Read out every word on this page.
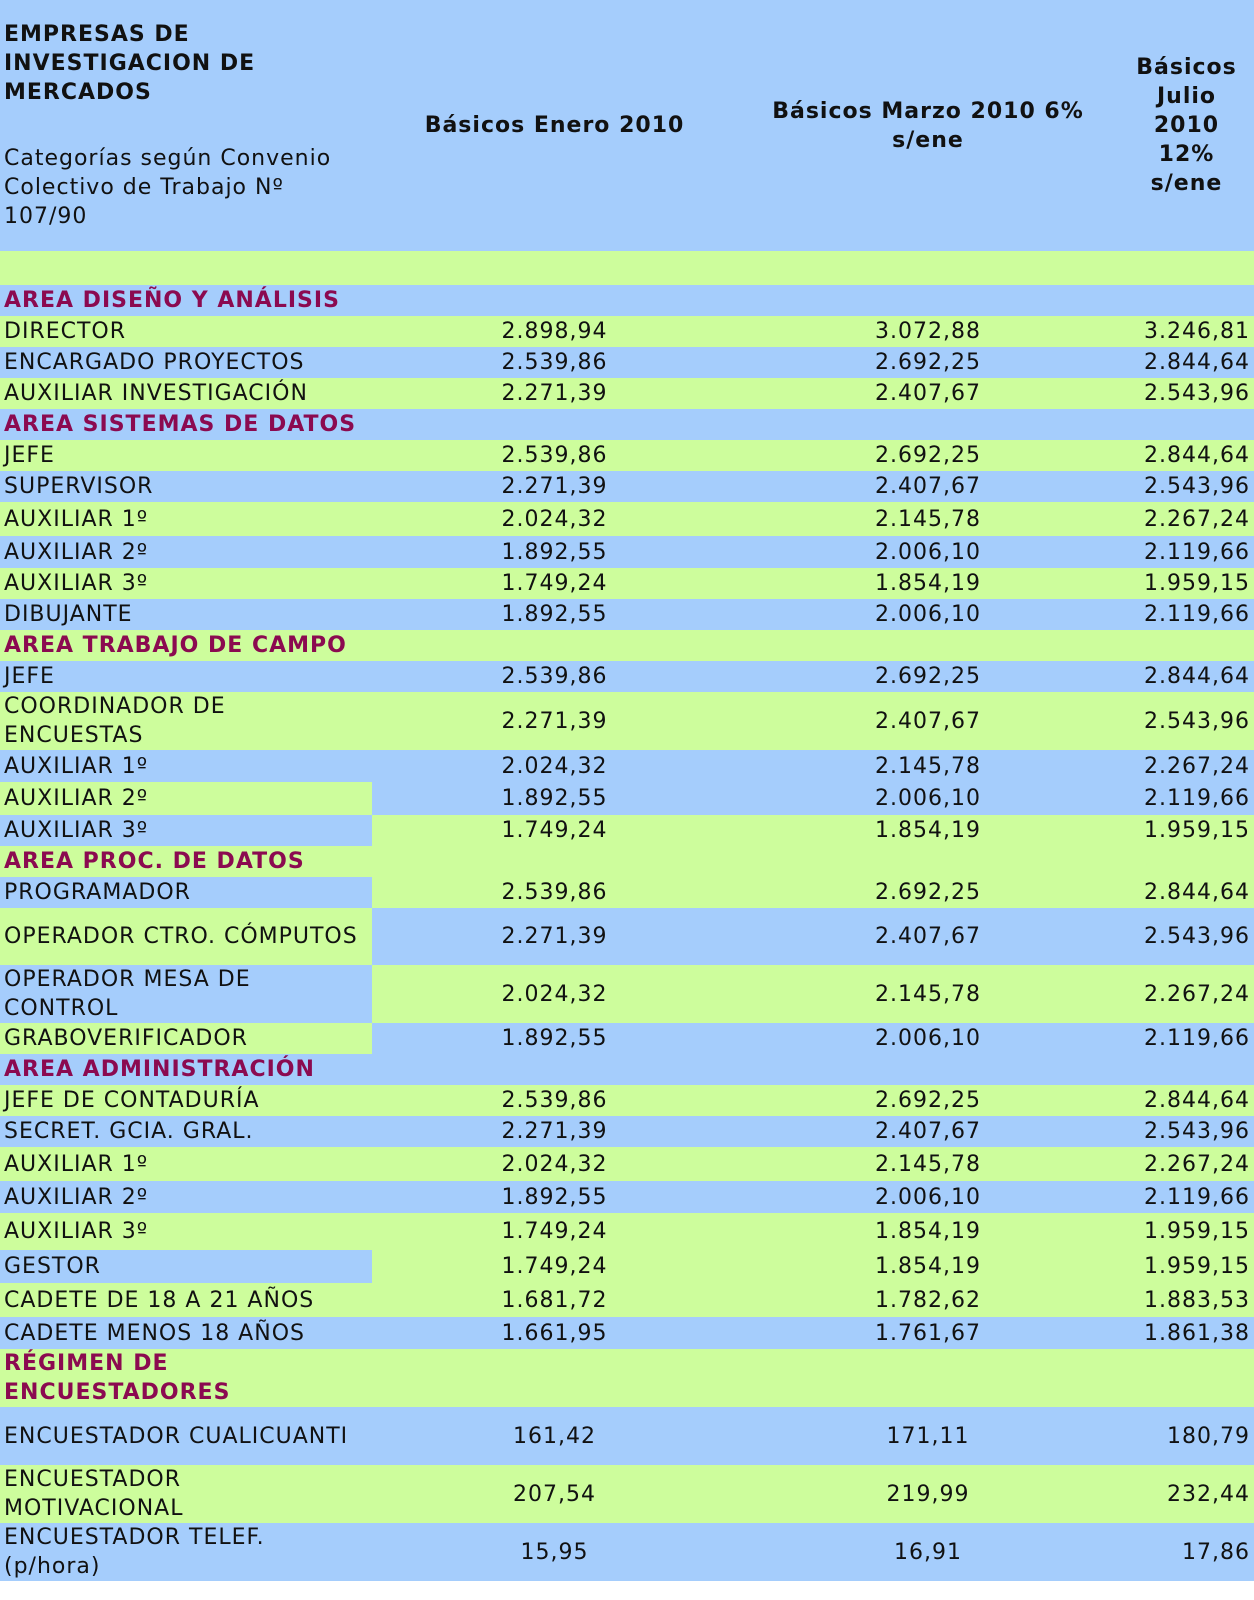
EMPRESAS DE INVESTIGACION DE MERCADOS
Categorías según Convenio Colectivo de Trabajo Nº 107/90	Básicos Enero 2010	Básicos Marzo 2010 6% s/ene	Básicos Julio 2010 12% s/ene

AREA DISEÑO Y ANÁLISIS			
DIRECTOR	2.898,94	3.072,88	3.246,81
ENCARGADO PROYECTOS	2.539,86	2.692,25	2.844,64
AUXILIAR INVESTIGACIÓN	2.271,39	2.407,67	2.543,96
AREA SISTEMAS DE DATOS			
JEFE	2.539,86	2.692,25	2.844,64
SUPERVISOR	2.271,39	2.407,67	2.543,96
AUXILIAR 1º	2.024,32	2.145,78	2.267,24
AUXILIAR 2º	1.892,55	2.006,10	2.119,66
AUXILIAR 3º	1.749,24	1.854,19	1.959,15
DIBUJANTE	1.892,55	2.006,10	2.119,66
AREA TRABAJO DE CAMPO			
JEFE	2.539,86	2.692,25	2.844,64
COORDINADOR DE ENCUESTAS	2.271,39	2.407,67	2.543,96
AUXILIAR 1º	2.024,32	2.145,78	2.267,24
AUXILIAR 2º	1.892,55	2.006,10	2.119,66
AUXILIAR 3º	1.749,24	1.854,19	1.959,15
AREA PROC. DE DATOS			
PROGRAMADOR	2.539,86	2.692,25	2.844,64
OPERADOR CTRO. CÓMPUTOS	2.271,39	2.407,67	2.543,96
OPERADOR MESA DE CONTROL	2.024,32	2.145,78	2.267,24
GRABOVERIFICADOR	1.892,55	2.006,10	2.119,66
AREA ADMINISTRACIÓN			
JEFE DE CONTADURÍA	2.539,86	2.692,25	2.844,64
SECRET. GCIA. GRAL.	2.271,39	2.407,67	2.543,96
AUXILIAR 1º	2.024,32	2.145,78	2.267,24
AUXILIAR 2º	1.892,55	2.006,10	2.119,66
AUXILIAR 3º	1.749,24	1.854,19	1.959,15
GESTOR	1.749,24	1.854,19	1.959,15
CADETE DE 18 A 21 AÑOS	1.681,72	1.782,62	1.883,53
CADETE MENOS 18 AÑOS	1.661,95	1.761,67	1.861,38
RÉGIMEN DE ENCUESTADORES			
ENCUESTADOR CUALICUANTI	161,42	171,11	180,79
ENCUESTADOR MOTIVACIONAL	207,54	219,99	232,44
ENCUESTADOR TELEF. (p/hora)	15,95	16,91	17,86
